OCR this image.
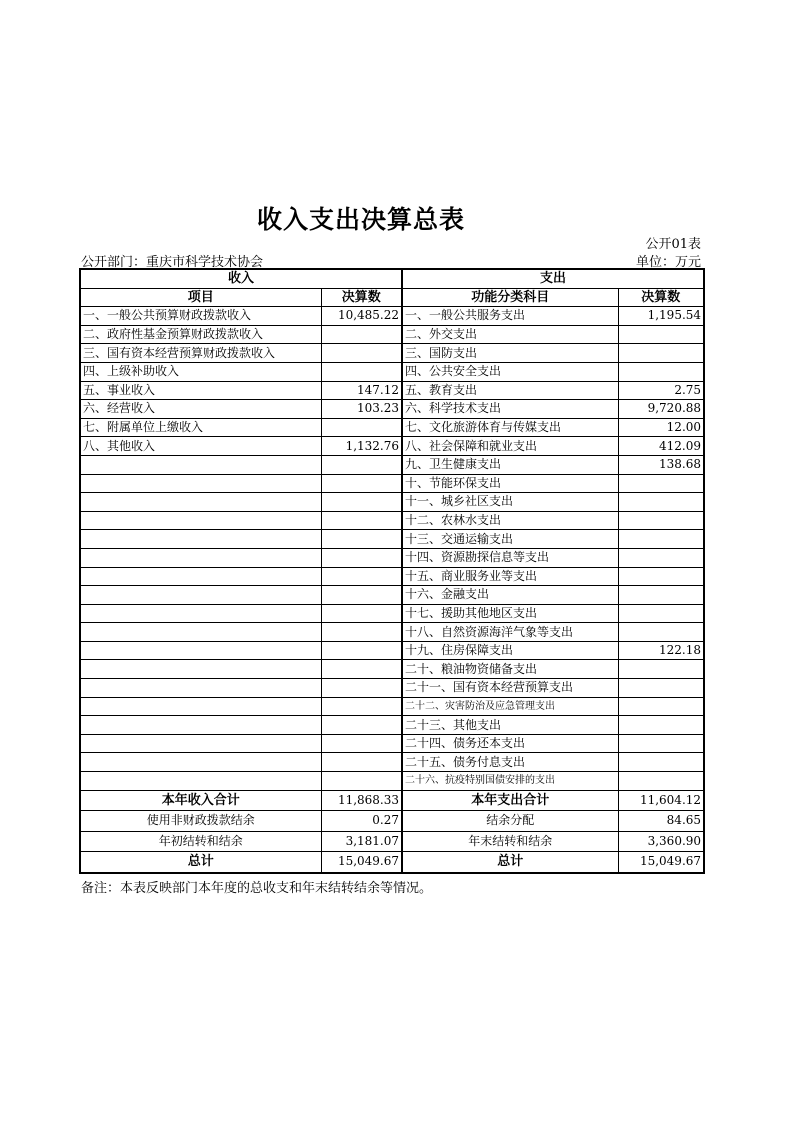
收入支出决算总表
公开01表
公开部门：重庆市科学技术协会	单位：万元
收入		支出	
项目	决算数	功能分类科目	决算数
一、一般公共预算财政拨款收入	10,485.22	一、一般公共服务支出	1,195.54
二、政府性基金预算财政拨款收入		二、外交支出	
三、国有资本经营预算财政拨款收入		三、国防支出	
四、上级补助收入		四、公共安全支出	
五、事业收入	147.12	五、教育支出	2.75
六、经营收入	103.23	六、科学技术支出	9,720.88
七、附属单位上缴收入		七、文化旅游体育与传媒支出	12.00
八、其他收入	1,132.76	八、社会保障和就业支出	412.09
		九、卫生健康支出	138.68
		十、节能环保支出	
		十一、城乡社区支出	
		十二、农林水支出	
		十三、交通运输支出	
		十四、资源勘探信息等支出	
		十五、商业服务业等支出	
		十六、金融支出	
		十七、援助其他地区支出	
		十八、自然资源海洋气象等支出	
		十九、住房保障支出	122.18
		二十、粮油物资储备支出	
		二十一、国有资本经营预算支出	
		二十二、灾害防治及应急管理支出	
		二十三、其他支出	
		二十四、债务还本支出	
		二十五、债务付息支出	
		二十六、抗疫特别国债安排的支出	
本年收入合计	11,868.33	本年支出合计	11,604.12
使用非财政拨款结余	0.27	结余分配	84.65
年初结转和结余	3,181.07	年末结转和结余	3,360.90
总计	15,049.67	总计	15,049.67
备注：本表反映部门本年度的总收支和年末结转结余等情况。
